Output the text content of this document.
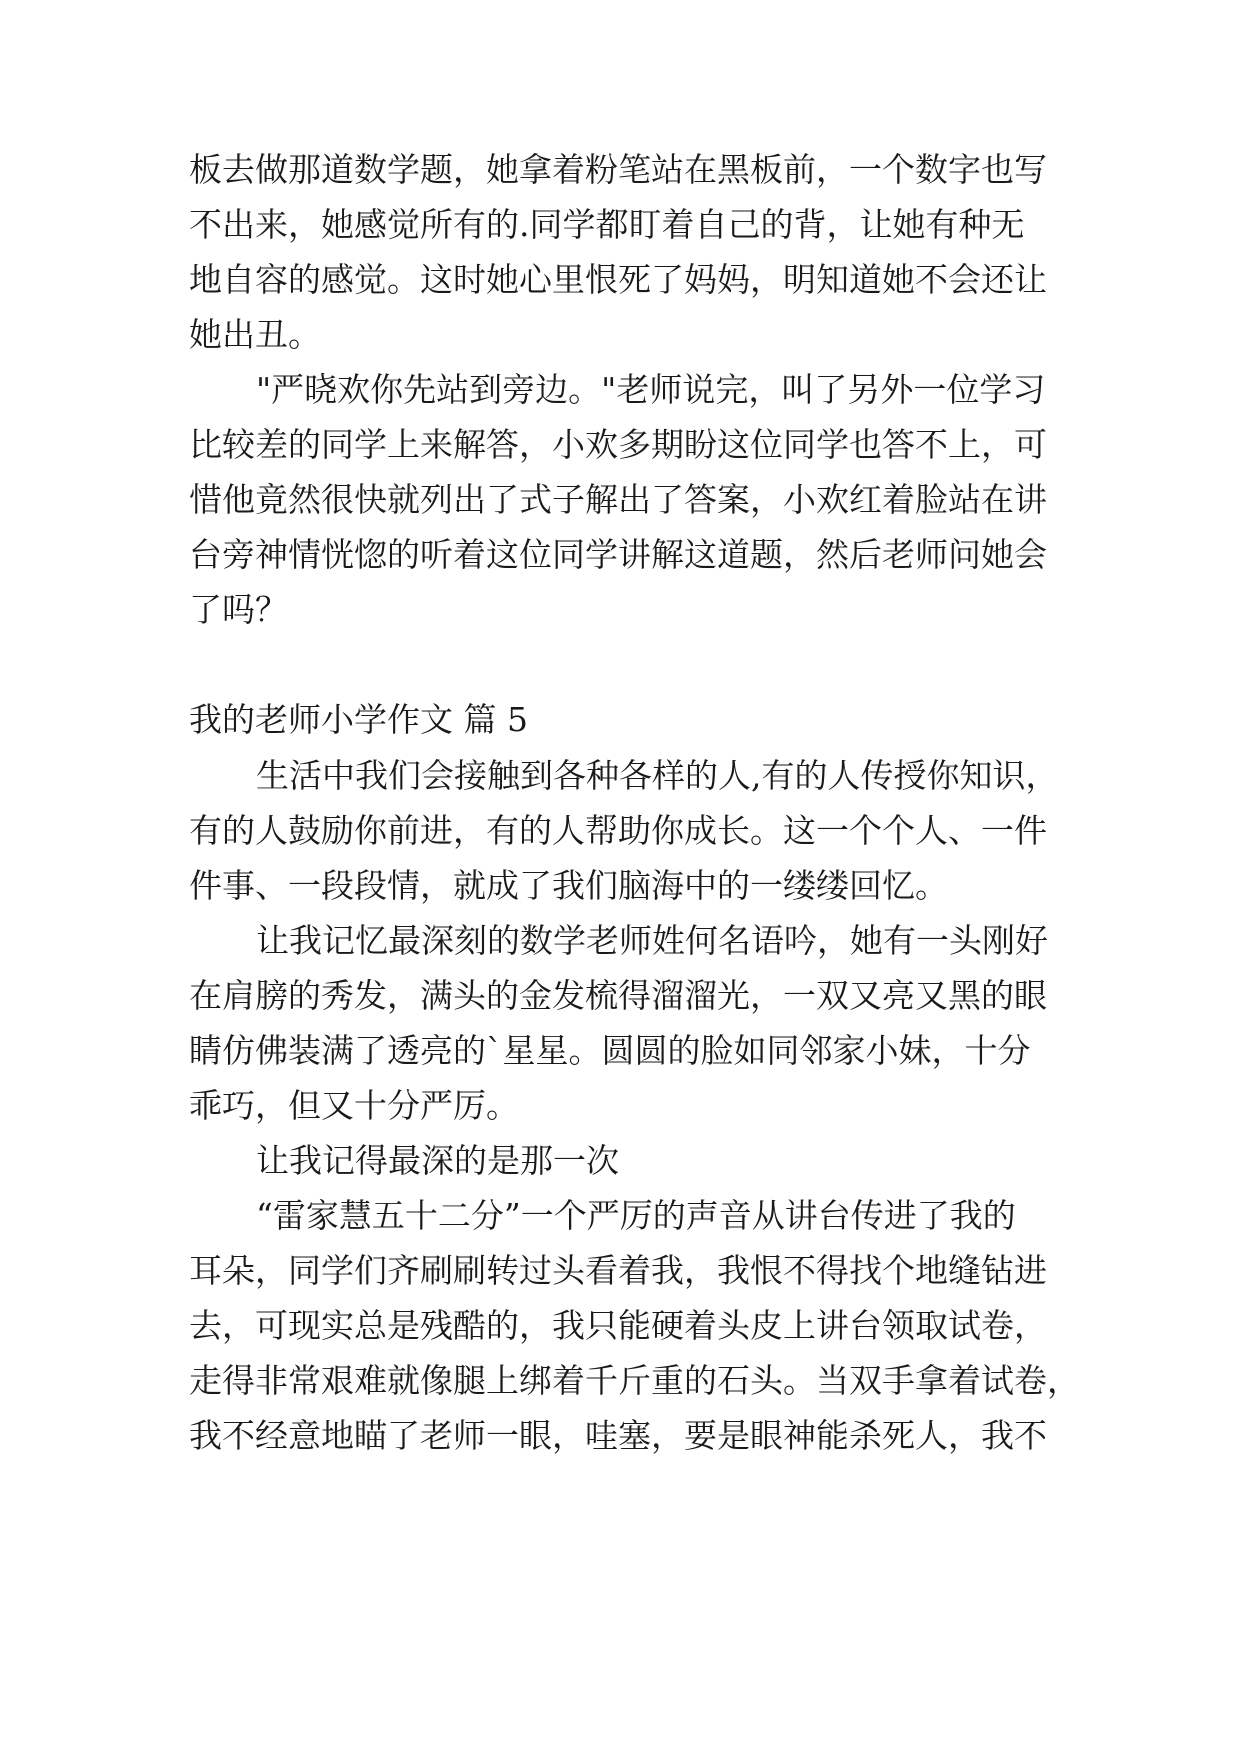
板去做那道数学题，她拿着粉笔站在黑板前，一个数字也写
不出来，她感觉所有的.同学都盯着自己的背，让她有种无
地自容的感觉。这时她心里恨死了妈妈，明知道她不会还让
她出丑。
"严晓欢你先站到旁边。"老师说完，叫了另外一位学习
比较差的同学上来解答，小欢多期盼这位同学也答不上，可
惜他竟然很快就列出了式子解出了答案，小欢红着脸站在讲
台旁神情恍惚的听着这位同学讲解这道题，然后老师问她会
了吗？
我的老师小学作文 篇 5
生活中我们会接触到各种各样的人,有的人传授你知识，
有的人鼓励你前进，有的人帮助你成长。这一个个人、一件
件事、一段段情，就成了我们脑海中的一缕缕回忆。
让我记忆最深刻的数学老师姓何名语吟，她有一头刚好
在肩膀的秀发，满头的金发梳得溜溜光，一双又亮又黑的眼
睛仿佛装满了透亮的`星星。圆圆的脸如同邻家小妹，十分
乖巧，但又十分严厉。
让我记得最深的是那一次
“雷家慧五十二分”一个严厉的声音从讲台传进了我的
耳朵，同学们齐刷刷转过头看着我，我恨不得找个地缝钻进
去，可现实总是残酷的，我只能硬着头皮上讲台领取试卷，
走得非常艰难就像腿上绑着千斤重的石头。当双手拿着试卷，
我不经意地瞄了老师一眼，哇塞，要是眼神能杀死人，我不
